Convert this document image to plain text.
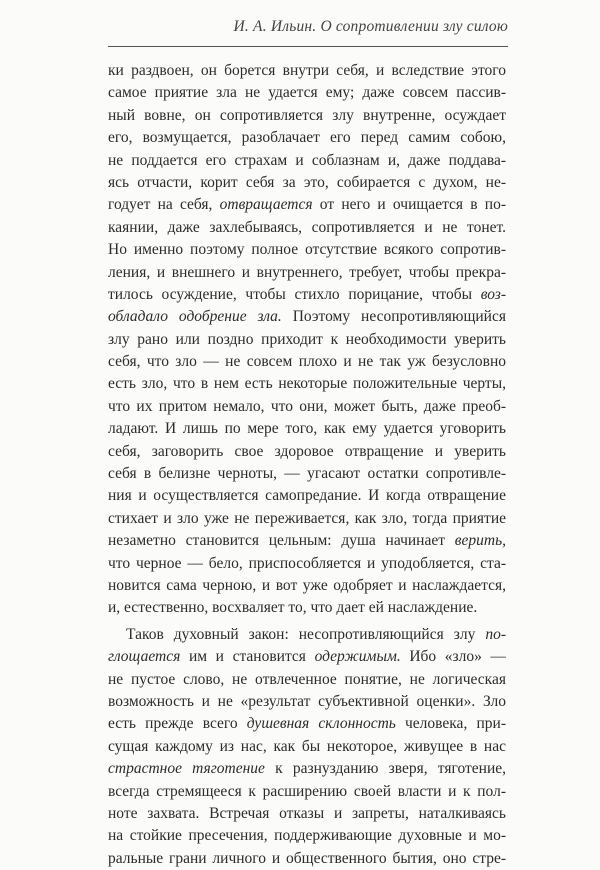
И. А. Ильин. О сопротивлении злу силою
ки раздвоен, он борется внутри себя, и вследствие этого
самое приятие зла не удается ему; даже совсем пассив-
ный вовне, он сопротивляется злу внутренне, осуждает
его, возмущается, разоблачает его перед самим собою,
не поддается его страхам и соблазнам и, даже поддава-
ясь отчасти, корит себя за это, собирается с духом, не-
годует на себя, отвращается от него и очищается в по-
каянии, даже захлебываясь, сопротивляется и не тонет.
Но именно поэтому полное отсутствие всякого сопротив-
ления, и внешнего и внутреннего, требует, чтобы прекра-
тилось осуждение, чтобы стихло порицание, чтобы воз-
обладало одобрение зла. Поэтому несопротивляющийся
злу рано или поздно приходит к необходимости уверить
себя, что зло — не совсем плохо и не так уж безусловно
есть зло, что в нем есть некоторые положительные черты,
что их притом немало, что они, может быть, даже преоб-
ладают. И лишь по мере того, как ему удается уговорить
себя, заговорить свое здоровое отвращение и уверить
себя в белизне черноты, — угасают остатки сопротивле-
ния и осуществляется самопредание. И когда отвращение
стихает и зло уже не переживается, как зло, тогда приятие
незаметно становится цельным: душа начинает верить,
что черное — бело, приспособляется и уподобляется, ста-
новится сама черною, и вот уже одобряет и наслаждается,
и, естественно, восхваляет то, что дает ей наслаждение.
Таков духовный закон: несопротивляющийся злу по-
глощается им и становится одержимым. Ибо «зло» —
не пустое слово, не отвлеченное понятие, не логическая
возможность и не «результат субъективной оценки». Зло
есть прежде всего душевная склонность человека, при-
сущая каждому из нас, как бы некоторое, живущее в нас
страстное тяготение к разнузданию зверя, тяготение,
всегда стремящееся к расширению своей власти и к пол-
ноте захвата. Встречая отказы и запреты, наталкиваясь
на стойкие пресечения, поддерживающие духовные и мо-
ральные грани личного и общественного бытия, оно стре-
